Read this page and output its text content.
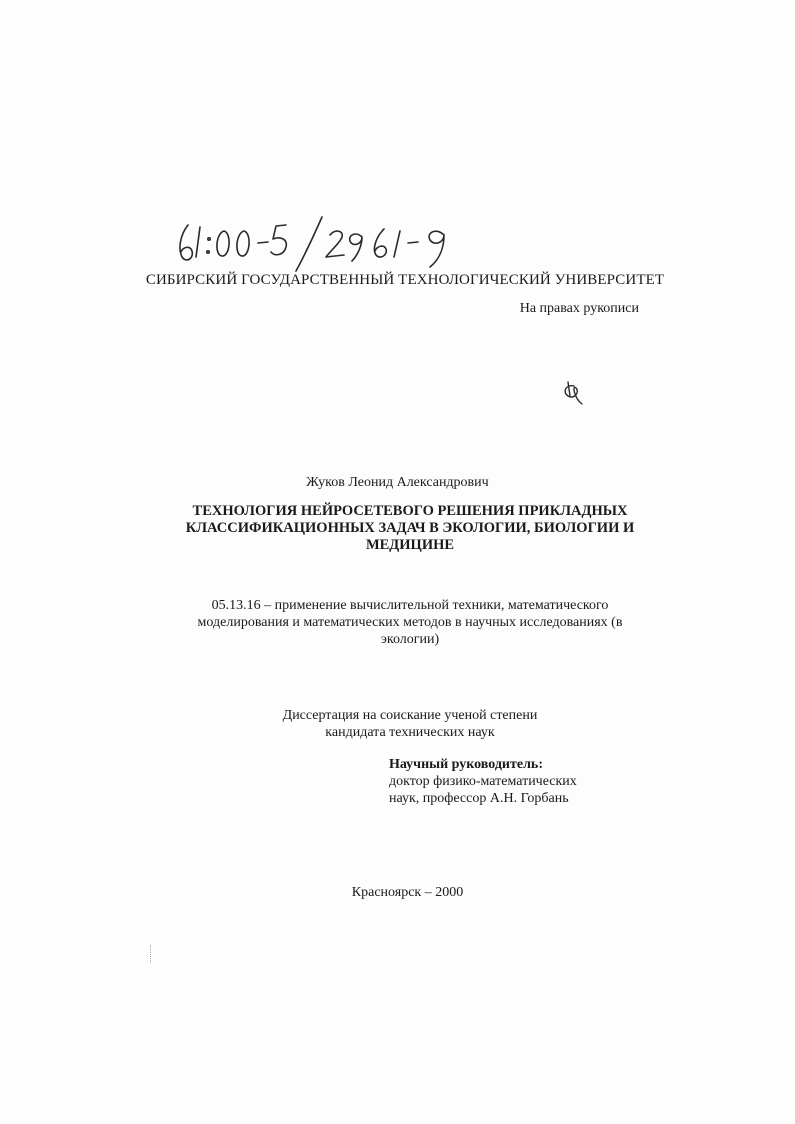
СИБИРСКИЙ ГОСУДАРСТВЕННЫЙ ТЕХНОЛОГИЧЕСКИЙ УНИВЕРСИТЕТ
На правах рукописи
Жуков Леонид Александрович
ТЕХНОЛОГИЯ НЕЙРОСЕТЕВОГО РЕШЕНИЯ ПРИКЛАДНЫХ
КЛАССИФИКАЦИОННЫХ ЗАДАЧ В ЭКОЛОГИИ, БИОЛОГИИ И
МЕДИЦИНЕ
05.13.16 – применение вычислительной техники, математического
моделирования и математических методов в научных исследованиях (в
экологии)
Диссертация на соискание ученой степени
кандидата технических наук
Научный руководитель:
доктор физико-математических
наук, профессор А.Н. Горбань
Красноярск – 2000
